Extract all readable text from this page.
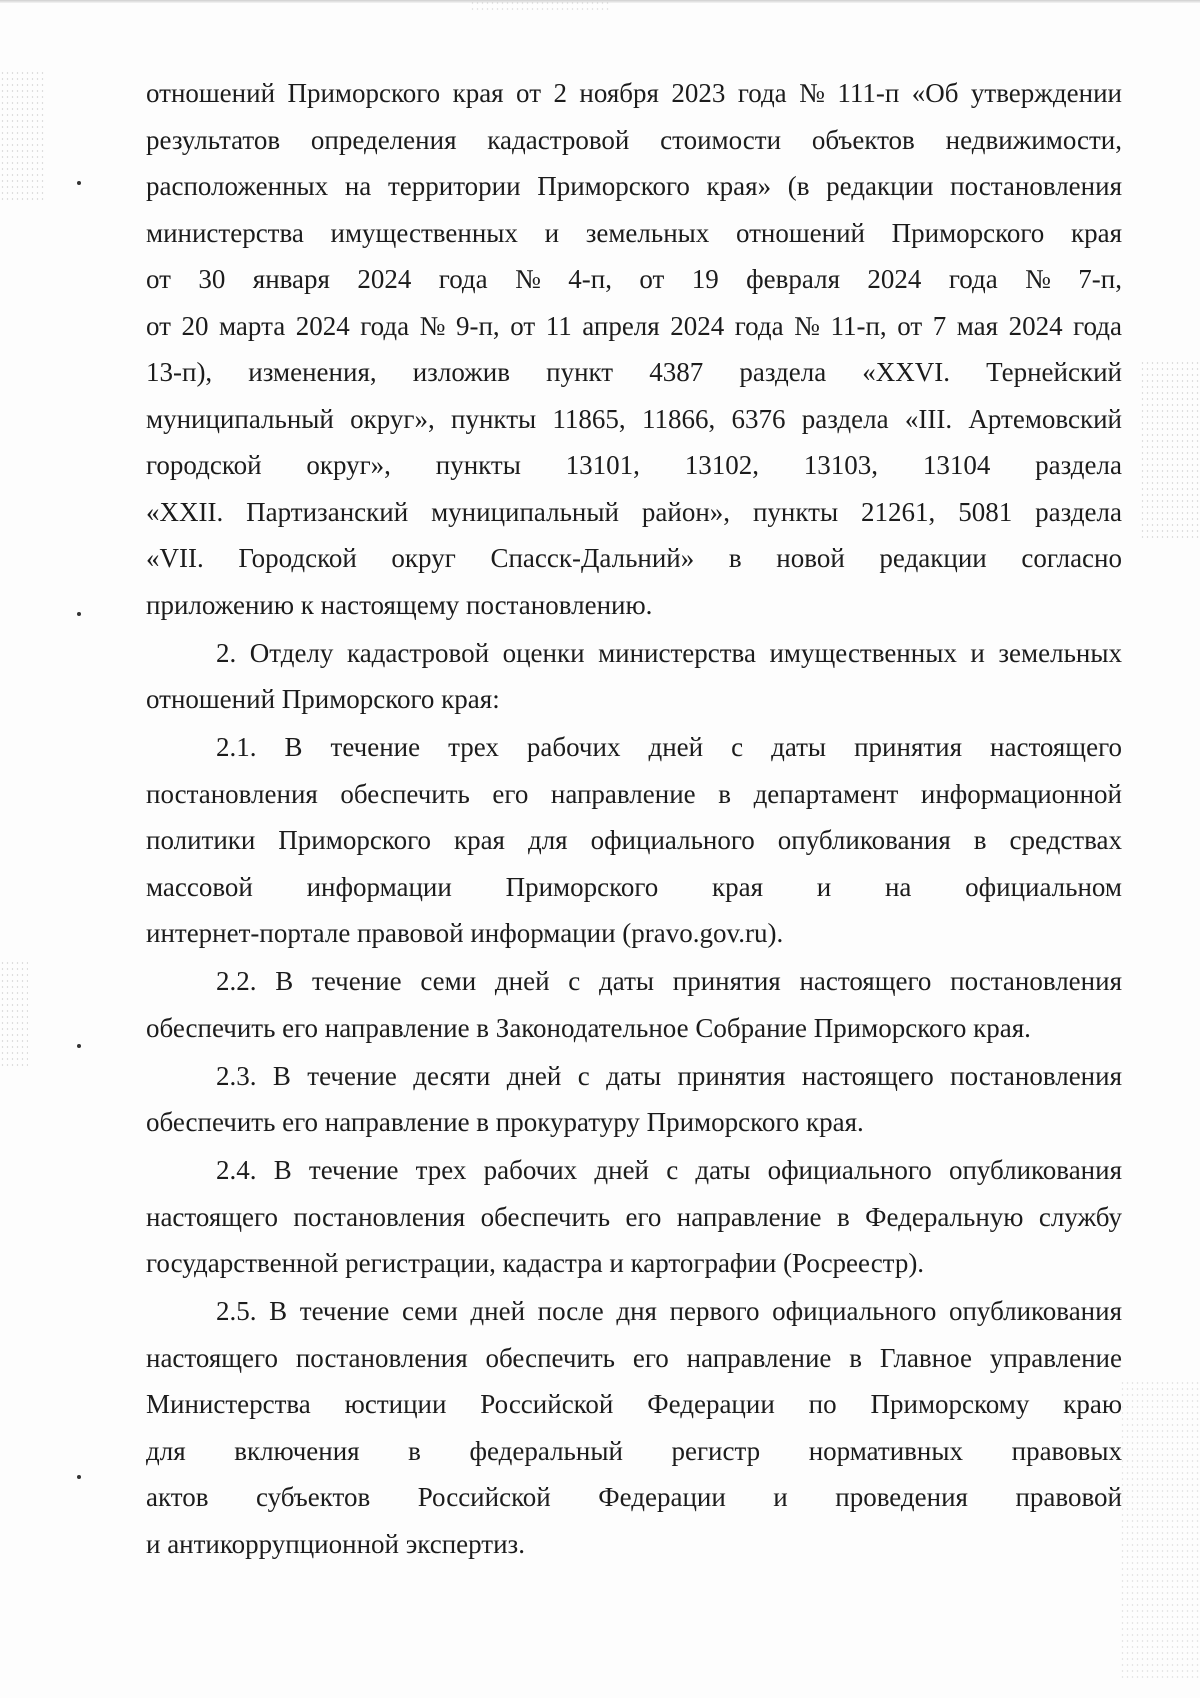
отношений Приморского края от 2 ноября 2023 года № 111-п «Об утверждении
результатов определения кадастровой стоимости объектов недвижимости,
расположенных на территории Приморского края» (в редакции постановления
министерства имущественных и земельных отношений Приморского края
от 30 января 2024 года № 4-п, от 19 февраля 2024 года № 7-п,
от 20 марта 2024 года № 9-п, от 11 апреля 2024 года № 11-п, от 7 мая 2024 года
13-п), изменения, изложив пункт 4387 раздела «XXVI. Тернейский
муниципальный округ», пункты 11865, 11866, 6376 раздела «III. Артемовский
городской округ», пункты 13101, 13102, 13103, 13104 раздела
«XXII. Партизанский муниципальный район», пункты 21261, 5081 раздела
«VII. Городской округ Спасск-Дальний» в новой редакции согласно
приложению к настоящему постановлению.
2. Отделу кадастровой оценки министерства имущественных и земельных
отношений Приморского края:
2.1. В течение трех рабочих дней с даты принятия настоящего
постановления обеспечить его направление в департамент информационной
политики Приморского края для официального опубликования в средствах
массовой информации Приморского края и на официальном
интернет-портале правовой информации (pravo.gov.ru).
2.2. В течение семи дней с даты принятия настоящего постановления
обеспечить его направление в Законодательное Собрание Приморского края.
2.3. В течение десяти дней с даты принятия настоящего постановления
обеспечить его направление в прокуратуру Приморского края.
2.4. В течение трех рабочих дней с даты официального опубликования
настоящего постановления обеспечить его направление в Федеральную службу
государственной регистрации, кадастра и картографии (Росреестр).
2.5. В течение семи дней после дня первого официального опубликования
настоящего постановления обеспечить его направление в Главное управление
Министерства юстиции Российской Федерации по Приморскому краю
для включения в федеральный регистр нормативных правовых
актов субъектов Российской Федерации и проведения правовой
и антикоррупционной экспертиз.
